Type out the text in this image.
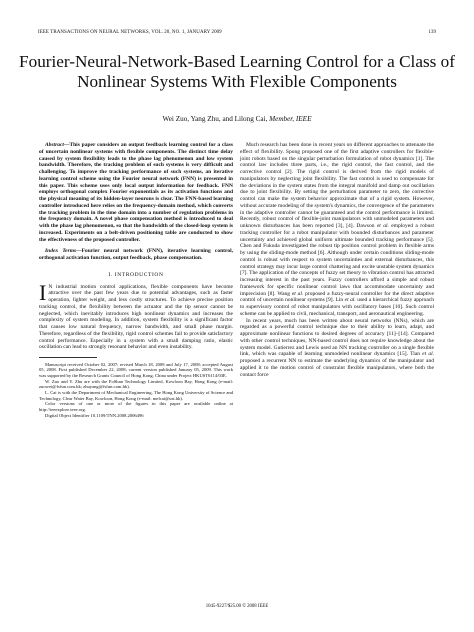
IEEE TRANSACTIONS ON NEURAL NETWORKS, VOL. 20, NO. 1, JANUARY 2009	139
Fourier-Neural-Network-Based Learning Control for a Class of Nonlinear Systems With Flexible Components
Wei Zuo, Yang Zhu, and Lilong Cai, Member, IEEE

Abstract—This paper considers an output feedback learning control for a class of uncertain nonlinear systems with flexible components. The distinct time delay caused by system flexibility leads to the phase lag phenomenon and low system bandwidth. Therefore, the tracking problem of such systems is very difficult and challenging. To improve the tracking performance of such systems, an iterative learning control scheme using the Fourier neural network (FNN) is presented in this paper. This scheme uses only local output information for feedback. FNN employs orthogonal complex Fourier exponentials as its activation functions and the physical meaning of its hidden-layer neurons is clear. The FNN-based learning controller introduced here relies on the frequency-domain method, which converts the tracking problem in the time domain into a number of regulation problems in the frequency domain. A novel phase compensation method is introduced to deal with the phase lag phenomenon, so that the bandwidth of the closed-loop system is increased. Experiments on a belt-driven positioning table are conducted to show the effectiveness of the proposed controller.

Index Terms—Fourier neural network (FNN), iterative learning control, orthogonal activation function, output feedback, phase compensation.

I. INTRODUCTION

I N industrial motion control applications, flexible components have become attractive over the past few years due to potential advantages, such as faster operation, lighter weight, and less costly structures. To achieve precise position tracking control, the flexibility between the actuator and the tip sensor cannot be neglected, which inevitably introduces high nonlinear dynamics and increases the complexity of system modeling. In addition, system flexibility is a significant factor that causes low natural frequency, narrow bandwidth, and small phase margin. Therefore, regardless of the flexibility, rigid control schemes fail to provide satisfactory control performance. Especially in a system with a small damping ratio, elastic oscillation can lead to strongly resonant behavior and even instability.

Manuscript received October 02, 2007; revised March 18, 2008 and July 17, 2008; accepted August 05, 2008. First published December 22, 2008; current version published January 05, 2009. This work was supported by the Research Grants Council of Hong Kong, China under Project HKUST6114/03E.

W. Zuo and Y. Zhu are with the FoShan Technology Limited, Kowloon Bay, Hong Kong (e-mail: zuowei@fsfun.com.hk; zhuyang@fsfun.com.hk).

L. Cai is with the Department of Mechanical Engineering, The Hong Kong University of Science and Technology, Clear Water Bay, Kowloon, Hong Kong (e-mail: melcai@ust.hk).

Color versions of one or more of the figures in this paper are available online at http://ieeexplore.ieee.org.

Digital Object Identifier 10.1109/TNN.2008.2006496

Much research has been done in recent years on different approaches to attenuate the effect of flexibility. Spong proposed one of the first adaptive controllers for flexible-joint robots based on the singular perturbation formulation of robot dynamics [1]. The control law includes three parts, i.e., the rigid control, the fast control, and the corrective control [2]. The rigid control is derived from the rigid models of manipulators by neglecting joint flexibility. The fast control is used to compensate for the deviations in the system states from the integral manifold and damp out oscillation due to joint flexibility. By setting the perturbation parameter to zero, the corrective control can make the system behavior approximate that of a rigid system. However, without accurate modeling of the system's dynamics, the convergence of the parameters in the adaptive controller cannot be guaranteed and the control performance is limited. Recently, robust control of flexible-joint manipulators with unmodeled parameters and unknown disturbances has been reported [3], [4]. Dawson et al. employed a robust tracking controller for a robot manipulator with bounded disturbances and parameter uncertainty and achieved global uniform ultimate bounded tracking performance [5]. Chen and Fukuda investigated the robust tip position control problem in flexible arms by using the sliding-mode method [6]. Although under certain conditions sliding-mode control is robust with respect to system uncertainties and external disturbances, this control strategy may incur large control chattering and excite unstable system dynamics [7]. The application of the concepts of fuzzy set theory to vibration control has attracted increasing interest in the past years. Fuzzy controllers afford a simple and robust framework for specific nonlinear control laws that accommodate uncertainty and imprecision [8]. Wang et al. proposed a fuzzy-neural controller for the direct adaptive control of uncertain nonlinear systems [9]. Lin et al. used a hierarchical fuzzy approach to supervisory control of robot manipulators with oscillatory bases [10]. Such control scheme can be applied to civil, mechanical, transport, and aeronautical engineering.

In recent years, much has been written about neural networks (NNs), which are regarded as a powerful control technique due to their ability to learn, adapt, and approximate nonlinear functions to desired degrees of accuracy [11]–[14]. Compared with other control techniques, NN-based control does not require knowledge about the system model. Gutierrez and Lewis used an NN tracking controller on a single flexible link, which was capable of learning unmodeled nonlinear dynamics [15]. Tian et al. proposed a recurrent NN to estimate the underlying dynamics of the manipulator and applied it to the motion control of constraint flexible manipulators, where both the contact force

1045-9227/$25.00 © 2008 IEEE
